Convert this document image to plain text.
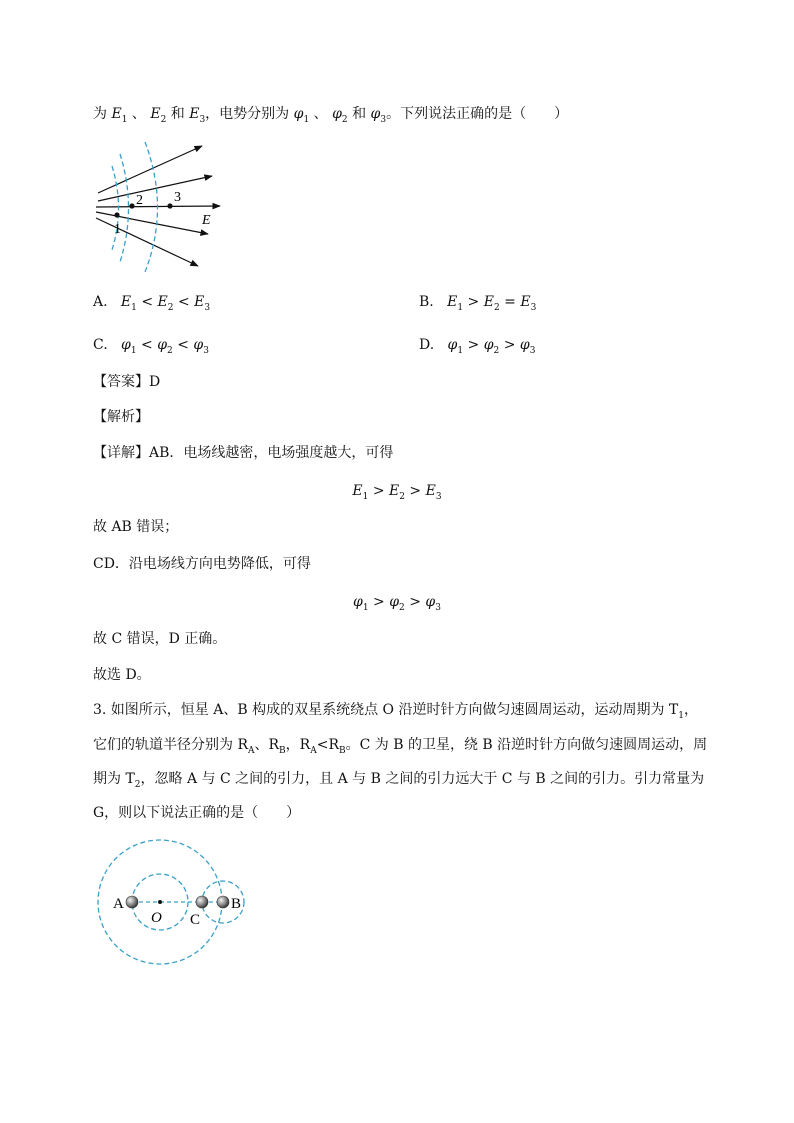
为 $E_1$ 、 $E_2$ 和 $E_3$，电势分别为 $\varphi_1$ 、 $\varphi_2$ 和 $\varphi_3$。下列说法正确的是（　　）
1
2 3
E
A. $E_1 < E_2 < E_3$	B. $E_1 > E_2 = E_3$
C. $\varphi_1 < \varphi_2 < \varphi_3$	D. $\varphi_1 > \varphi_2 > \varphi_3$
【答案】D
【解析】
【详解】AB．电场线越密，电场强度越大，可得
$E_1 > E_2 > E_3$
故 AB 错误；
CD．沿电场线方向电势降低，可得
$\varphi_1 > \varphi_2 > \varphi_3$
故 C 错误，D 正确。
故选 D。
3. 如图所示，恒星 A、B 构成的双星系统绕点 O 沿逆时针方向做匀速圆周运动，运动周期为 $T_1$，
它们的轨道半径分别为 $R_A$、$R_B$，$R_A<R_B$。C 为 B 的卫星，绕 B 沿逆时针方向做匀速圆周运动，周
期为 $T_2$，忽略 A 与 C 之间的引力，且 A 与 B 之间的引力远大于 C 与 B 之间的引力。引力常量为
G，则以下说法正确的是（　　）
A
O C
B
